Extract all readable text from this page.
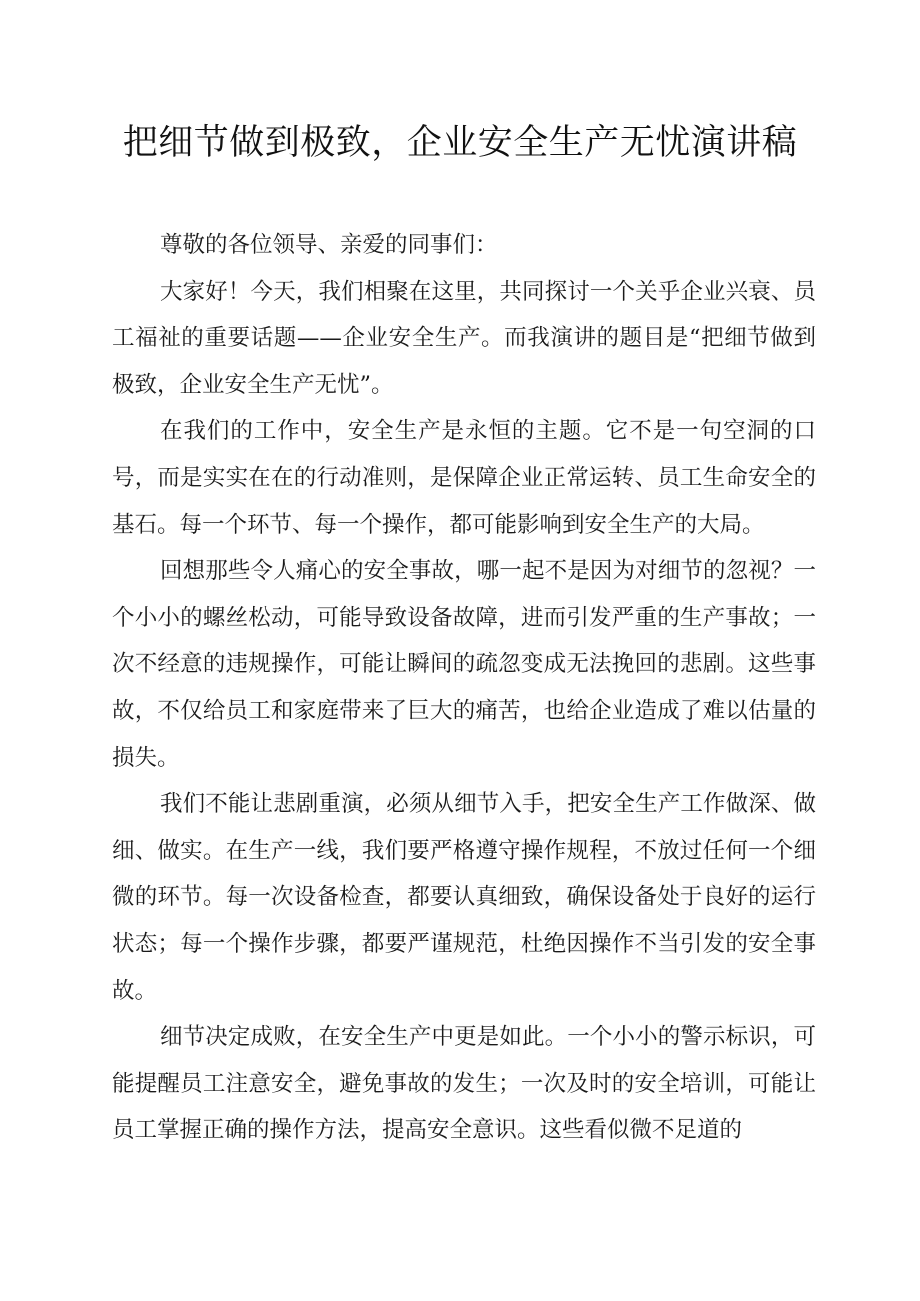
把细节做到极致，企业安全生产无忧演讲稿

尊敬的各位领导、亲爱的同事们：

大家好！今天，我们相聚在这里，共同探讨一个关乎企业兴衰、员工福祉的重要话题——企业安全生产。而我演讲的题目是“把细节做到极致，企业安全生产无忧”。

在我们的工作中，安全生产是永恒的主题。它不是一句空洞的口号，而是实实在在的行动准则，是保障企业正常运转、员工生命安全的基石。每一个环节、每一个操作，都可能影响到安全生产的大局。

回想那些令人痛心的安全事故，哪一起不是因为对细节的忽视？一个小小的螺丝松动，可能导致设备故障，进而引发严重的生产事故；一次不经意的违规操作，可能让瞬间的疏忽变成无法挽回的悲剧。这些事故，不仅给员工和家庭带来了巨大的痛苦，也给企业造成了难以估量的损失。

我们不能让悲剧重演，必须从细节入手，把安全生产工作做深、做细、做实。在生产一线，我们要严格遵守操作规程，不放过任何一个细微的环节。每一次设备检查，都要认真细致，确保设备处于良好的运行状态；每一个操作步骤，都要严谨规范，杜绝因操作不当引发的安全事故。

细节决定成败，在安全生产中更是如此。一个小小的警示标识，可能提醒员工注意安全，避免事故的发生；一次及时的安全培训，可能让员工掌握正确的操作方法，提高安全意识。这些看似微不足道的
